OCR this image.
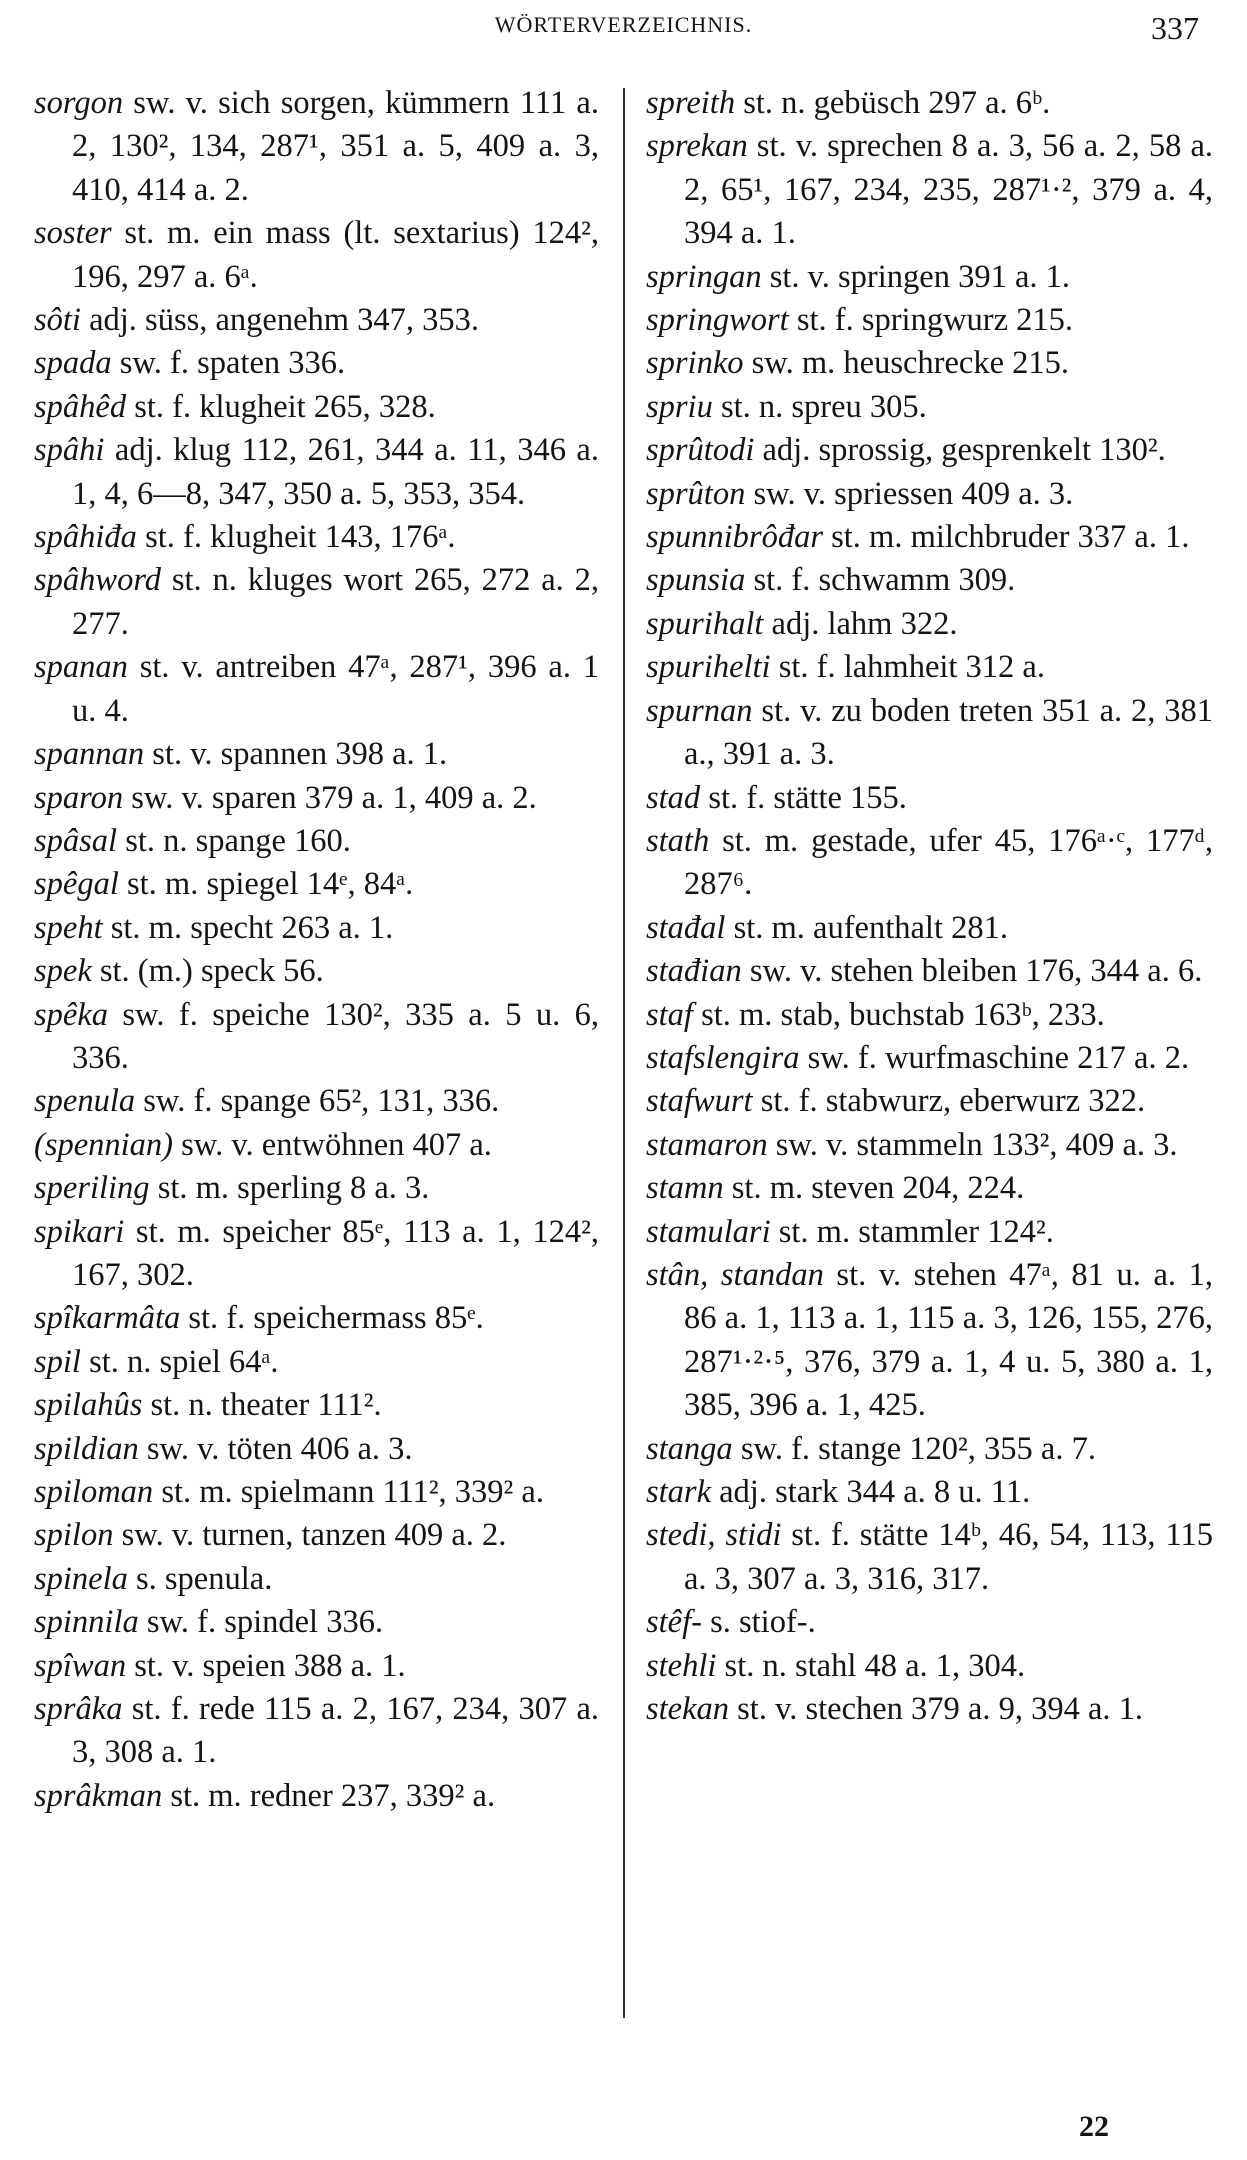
WÖRTERVERZEICHNIS.	337
sorgon sw. v. sich sorgen, kümmern 111 a. 2, 130², 134, 287¹, 351 a. 5, 409 a. 3, 410, 414 a. 2.
soster st. m. ein mass (lt. sextarius) 124², 196, 297 a. 6ᵃ.
sôti adj. süss, angenehm 347, 353.
spada sw. f. spaten 336.
spâhêd st. f. klugheit 265, 328.
spâhi adj. klug 112, 261, 344 a. 11, 346 a. 1, 4, 6—8, 347, 350 a. 5, 353, 354.
spâhiđa st. f. klugheit 143, 176ᵃ.
spâhword st. n. kluges wort 265, 272 a. 2, 277.
spanan st. v. antreiben 47ᵃ, 287¹, 396 a. 1 u. 4.
spannan st. v. spannen 398 a. 1.
sparon sw. v. sparen 379 a. 1, 409 a. 2.
spâsal st. n. spange 160.
spêgal st. m. spiegel 14ᵉ, 84ᵃ.
speht st. m. specht 263 a. 1.
spek st. (m.) speck 56.
spêka sw. f. speiche 130², 335 a. 5 u. 6, 336.
spenula sw. f. spange 65², 131, 336.
(spennian) sw. v. entwöhnen 407 a.
speriling st. m. sperling 8 a. 3.
spikari st. m. speicher 85ᵉ, 113 a. 1, 124², 167, 302.
spîkarmâta st. f. speichermass 85ᵉ.
spil st. n. spiel 64ᵃ.
spilahûs st. n. theater 111².
spildian sw. v. töten 406 a. 3.
spiloman st. m. spielmann 111², 339² a.
spilon sw. v. turnen, tanzen 409 a. 2.
spinela s. spenula.
spinnila sw. f. spindel 336.
spîwan st. v. speien 388 a. 1.
sprâka st. f. rede 115 a. 2, 167, 234, 307 a. 3, 308 a. 1.
sprâkman st. m. redner 237, 339² a.
spreith st. n. gebüsch 297 a. 6ᵇ.
sprekan st. v. sprechen 8 a. 3, 56 a. 2, 58 a. 2, 65¹, 167, 234, 235, 287¹·², 379 a. 4, 394 a. 1.
springan st. v. springen 391 a. 1.
springwort st. f. springwurz 215.
sprinko sw. m. heuschrecke 215.
spriu st. n. spreu 305.
sprûtodi adj. sprossig, gesprenkelt 130².
sprûton sw. v. spriessen 409 a. 3.
spunnibrôđar st. m. milchbruder 337 a. 1.
spunsia st. f. schwamm 309.
spurihalt adj. lahm 322.
spurihelti st. f. lahmheit 312 a.
spurnan st. v. zu boden treten 351 a. 2, 381 a., 391 a. 3.
stad st. f. stätte 155.
stath st. m. gestade, ufer 45, 176ᵃ·ᶜ, 177ᵈ, 287⁶.
stađal st. m. aufenthalt 281.
stađian sw. v. stehen bleiben 176, 344 a. 6.
staf st. m. stab, buchstab 163ᵇ, 233.
stafslengira sw. f. wurfmaschine 217 a. 2.
stafwurt st. f. stabwurz, eberwurz 322.
stamaron sw. v. stammeln 133², 409 a. 3.
stamn st. m. steven 204, 224.
stamulari st. m. stammler 124².
stân, standan st. v. stehen 47ᵃ, 81 u. a. 1, 86 a. 1, 113 a. 1, 115 a. 3, 126, 155, 276, 287¹·²·⁵, 376, 379 a. 1, 4 u. 5, 380 a. 1, 385, 396 a. 1, 425.
stanga sw. f. stange 120², 355 a. 7.
stark adj. stark 344 a. 8 u. 11.
stedi, stidi st. f. stätte 14ᵇ, 46, 54, 113, 115 a. 3, 307 a. 3, 316, 317.
stêf- s. stiof-.
stehli st. n. stahl 48 a. 1, 304.
stekan st. v. stechen 379 a. 9, 394 a. 1.
22
